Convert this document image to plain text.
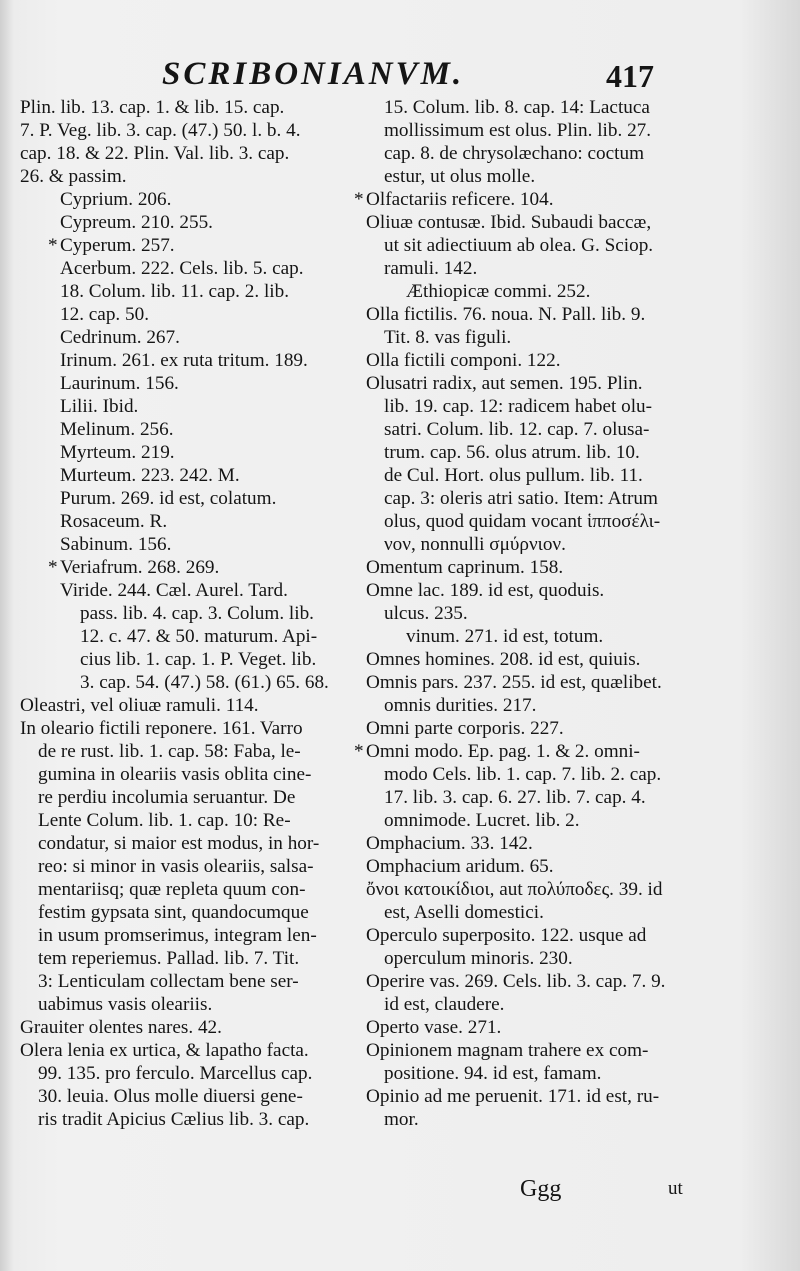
SCRIBONIANVM.	417
Plin. lib. 13. cap. 1. & lib. 15. cap.
7. P. Veg. lib. 3. cap. (47.) 50. l. b. 4.
cap. 18. & 22. Plin. Val. lib. 3. cap.
26. & passim.
Cyprium. 206.
Cypreum. 210. 255.
* Cyperum. 257.
Acerbum. 222. Cels. lib. 5. cap.
18. Colum. lib. 11. cap. 2. lib.
12. cap. 50.
Cedrinum. 267.
Irinum. 261. ex ruta tritum. 189.
Laurinum. 156.
Lilii. Ibid.
Melinum. 256.
Myrteum. 219.
Murteum. 223. 242. M.
Purum. 269. id est, colatum.
Rosaceum. R.
Sabinum. 156.
* Veriafrum. 268. 269.
Viride. 244. Cæl. Aurel. Tard.
pass. lib. 4. cap. 3. Colum. lib.
12. c. 47. & 50. maturum. Api-
cius lib. 1. cap. 1. P. Veget. lib.
3. cap. 54. (47.) 58. (61.) 65. 68.
Oleastri, vel oliuæ ramuli. 114.
In oleario fictili reponere. 161. Varro
de re rust. lib. 1. cap. 58: Faba, le-
gumina in oleariis vasis oblita cine-
re perdiu incolumia seruantur. De
Lente Colum. lib. 1. cap. 10: Re-
condatur, si maior est modus, in hor-
reo: si minor in vasis oleariis, salsa-
mentariisq; quæ repleta quum con-
festim gypsata sint, quandocumque
in usum promserimus, integram len-
tem reperiemus. Pallad. lib. 7. Tit.
3: Lenticulam collectam bene ser-
uabimus vasis oleariis.
Grauiter olentes nares. 42.
Olera lenia ex urtica, & lapatho facta.
99. 135. pro ferculo. Marcellus cap.
30. leuia. Olus molle diuersi gene-
ris tradit Apicius Cælius lib. 3. cap.
15. Colum. lib. 8. cap. 14: Lactuca
mollissimum est olus. Plin. lib. 27.
cap. 8. de chrysolæchano: coctum
estur, ut olus molle.
* Olfactariis reficere. 104.
Oliuæ contusæ. Ibid. Subaudi baccæ,
ut sit adiectiuum ab olea. G. Sciop.
ramuli. 142.
Æthiopicæ commi. 252.
Olla fictilis. 76. noua. N. Pall. lib. 9.
Tit. 8. vas figuli.
Olla fictili componi. 122.
Olusatri radix, aut semen. 195. Plin.
lib. 19. cap. 12: radicem habet olu-
satri. Colum. lib. 12. cap. 7. olusa-
trum. cap. 56. olus atrum. lib. 10.
de Cul. Hort. olus pullum. lib. 11.
cap. 3: oleris atri satio. Item: Atrum
olus, quod quidam vocant ἱπποσέλι-
νον, nonnulli σμύρνιον.
Omentum caprinum. 158.
Omne lac. 189. id est, quoduis.
ulcus. 235.
vinum. 271. id est, totum.
Omnes homines. 208. id est, quiuis.
Omnis pars. 237. 255. id est, quælibet.
omnis durities. 217.
Omni parte corporis. 227.
* Omni modo. Ep. pag. 1. & 2. omni-
modo Cels. lib. 1. cap. 7. lib. 2. cap.
17. lib. 3. cap. 6. 27. lib. 7. cap. 4.
omnimode. Lucret. lib. 2.
Omphacium. 33. 142.
Omphacium aridum. 65.
ὄνοι κατοικίδιοι, aut πολύποδες. 39. id
est, Aselli domestici.
Operculo superposito. 122. usque ad
operculum minoris. 230.
Operire vas. 269. Cels. lib. 3. cap. 7. 9.
id est, claudere.
Operto vase. 271.
Opinionem magnam trahere ex com-
positione. 94. id est, famam.
Opinio ad me peruenit. 171. id est, ru-
mor.
Ggg	ut
